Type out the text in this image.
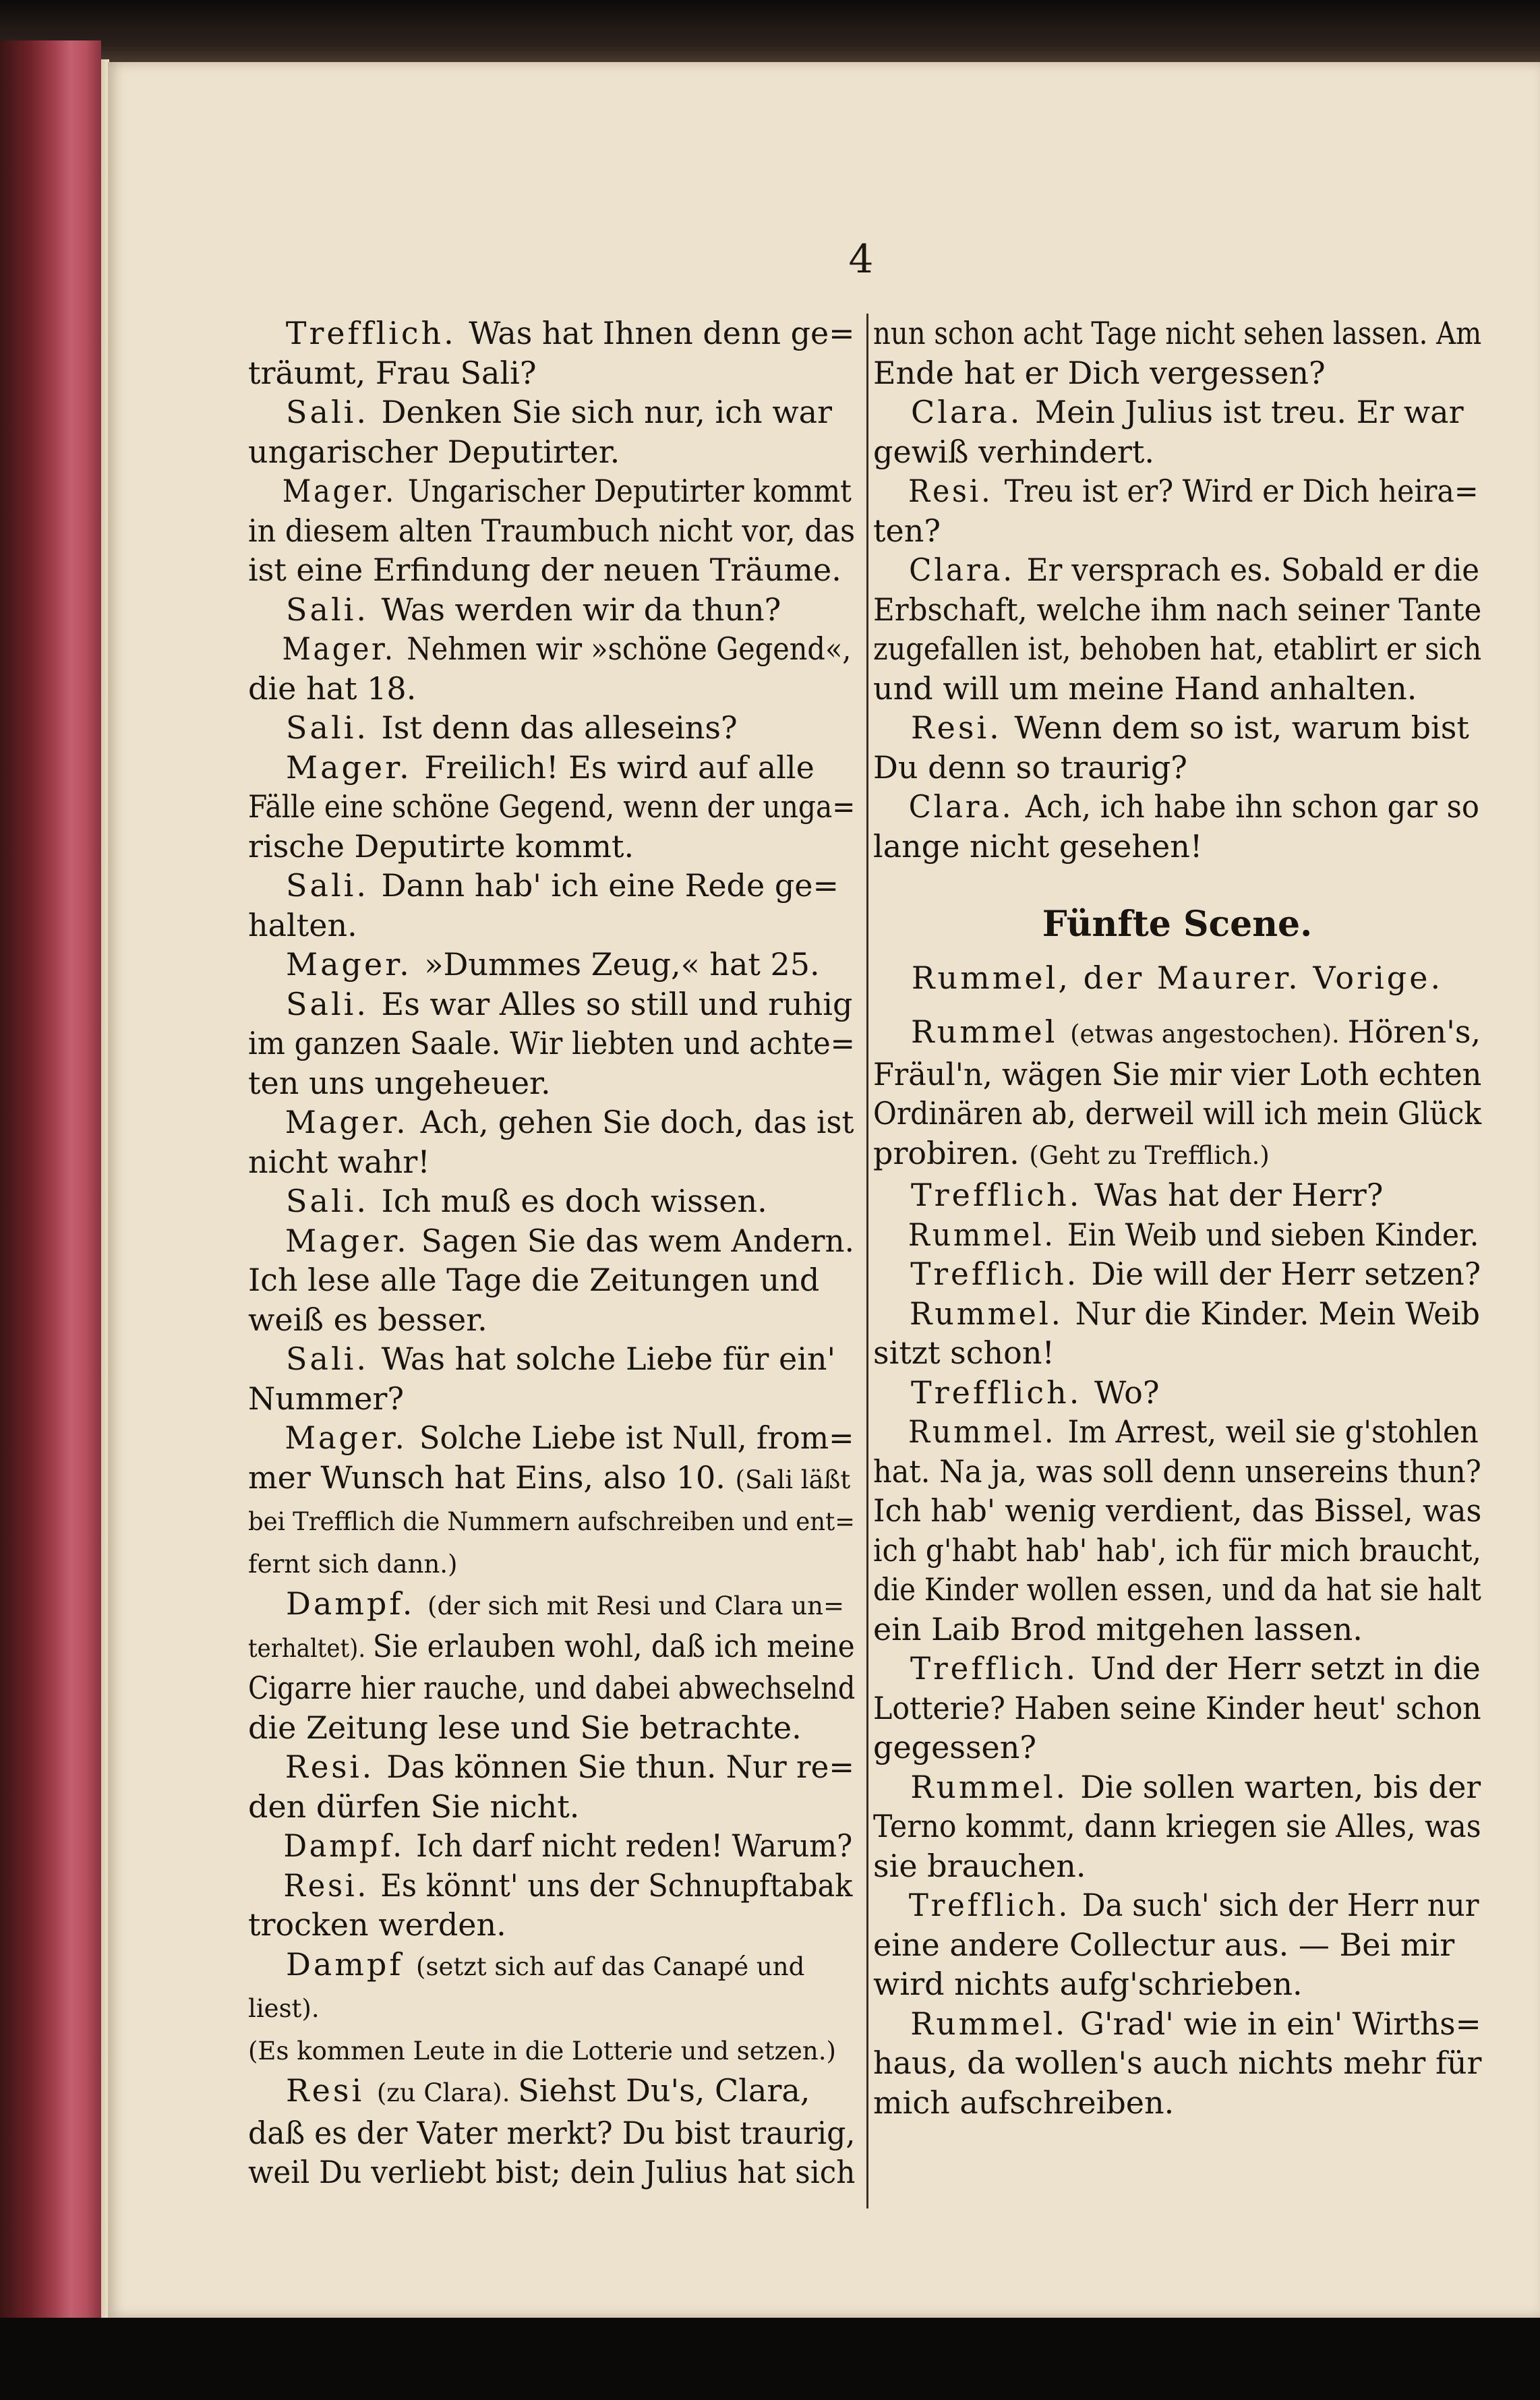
4
Trefflich. Was hat Ihnen denn ge=
träumt, Frau Sali?
Sali. Denken Sie sich nur, ich war
ungarischer Deputirter.
Mager. Ungarischer Deputirter kommt
in diesem alten Traumbuch nicht vor, das
ist eine Erfindung der neuen Träume.
Sali. Was werden wir da thun?
Mager. Nehmen wir »schöne Gegend«,
die hat 18.
Sali. Ist denn das alleseins?
Mager. Freilich! Es wird auf alle
Fälle eine schöne Gegend, wenn der unga=
rische Deputirte kommt.
Sali. Dann hab' ich eine Rede ge=
halten.
Mager. »Dummes Zeug,« hat 25.
Sali. Es war Alles so still und ruhig
im ganzen Saale. Wir liebten und achte=
ten uns ungeheuer.
Mager. Ach, gehen Sie doch, das ist
nicht wahr!
Sali. Ich muß es doch wissen.
Mager. Sagen Sie das wem Andern.
Ich lese alle Tage die Zeitungen und
weiß es besser.
Sali. Was hat solche Liebe für ein'
Nummer?
Mager. Solche Liebe ist Null, from=
mer Wunsch hat Eins, also 10. (Sali läßt
bei Trefflich die Nummern aufschreiben und ent=
fernt sich dann.)
Dampf. (der sich mit Resi und Clara un=
terhaltet). Sie erlauben wohl, daß ich meine
Cigarre hier rauche, und dabei abwechselnd
die Zeitung lese und Sie betrachte.
Resi. Das können Sie thun. Nur re=
den dürfen Sie nicht.
Dampf. Ich darf nicht reden! Warum?
Resi. Es könnt' uns der Schnupftabak
trocken werden.
Dampf (setzt sich auf das Canapé und
liest).
(Es kommen Leute in die Lotterie und setzen.)
Resi (zu Clara). Siehst Du's, Clara,
daß es der Vater merkt? Du bist traurig,
weil Du verliebt bist; dein Julius hat sich
nun schon acht Tage nicht sehen lassen. Am
Ende hat er Dich vergessen?
Clara. Mein Julius ist treu. Er war
gewiß verhindert.
Resi. Treu ist er? Wird er Dich heira=
ten?
Clara. Er versprach es. Sobald er die
Erbschaft, welche ihm nach seiner Tante
zugefallen ist, behoben hat, etablirt er sich
und will um meine Hand anhalten.
Resi. Wenn dem so ist, warum bist
Du denn so traurig?
Clara. Ach, ich habe ihn schon gar so
lange nicht gesehen!
Fünfte Scene.
Rummel, der Maurer. Vorige.
Rummel (etwas angestochen). Hören's,
Fräul'n, wägen Sie mir vier Loth echten
Ordinären ab, derweil will ich mein Glück
probiren. (Geht zu Trefflich.)
Trefflich. Was hat der Herr?
Rummel. Ein Weib und sieben Kinder.
Trefflich. Die will der Herr setzen?
Rummel. Nur die Kinder. Mein Weib
sitzt schon!
Trefflich. Wo?
Rummel. Im Arrest, weil sie g'stohlen
hat. Na ja, was soll denn unsereins thun?
Ich hab' wenig verdient, das Bissel, was
ich g'habt hab' hab', ich für mich braucht,
die Kinder wollen essen, und da hat sie halt
ein Laib Brod mitgehen lassen.
Trefflich. Und der Herr setzt in die
Lotterie? Haben seine Kinder heut' schon
gegessen?
Rummel. Die sollen warten, bis der
Terno kommt, dann kriegen sie Alles, was
sie brauchen.
Trefflich. Da such' sich der Herr nur
eine andere Collectur aus. — Bei mir
wird nichts aufg'schrieben.
Rummel. G'rad' wie in ein' Wirths=
haus, da wollen's auch nichts mehr für
mich aufschreiben.
